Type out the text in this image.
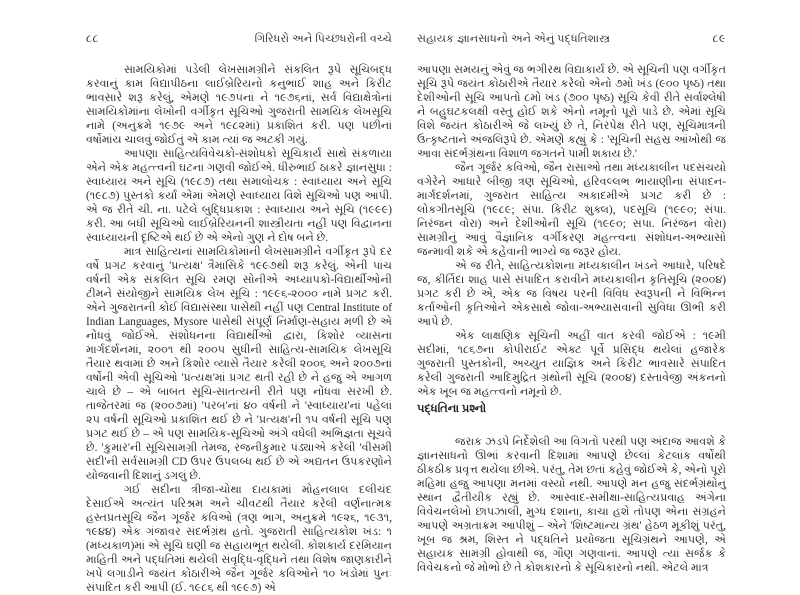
૮૮	ગિરિધરો અને પિચ્છધરોની વચ્ચે

સામયિકોમાં પડેલી લેખસામગ્રીને સંકલિત રૂપે સૂચિબદ્ધ કરવાનું કામ વિદ્યાપીઠના લાઈબ્રેરિયનો કનુભાઈ શાહ અને કિરીટ ભાવસારે શરૂ કરેલું, એમણે ૧૯૭૫નાં ને ૧૯૭૬નાં, સર્વ વિદ્યાક્ષેત્રોનાં સામયિકોમાંના લેખોની વર્ગીકૃત સૂચિઓ ગુજરાતી સામયિક લેખસૂચિ નામે (અનુક્રમે ૧૯૭૯ અને ૧૯૮૨માં) પ્રકાશિત કરી. પણ પછીનાં વર્ષોમાંય ચાલવું જોઈતું એ કામ ત્યાં જ અટકી ગયું.

આપણા સાહિત્યવિવેચકો-સંશોધકો સૂચિકાર્ય સાથે સંકળાયા એને એક મહત્ત્વની ઘટના ગણવી જોઈએ. ધીરુભાઈ ઠાકરે જ્ઞાનસુધા : સ્વાધ્યાય અને સૂચિ (૧૯૮૭) તથા સમાલોચક : સ્વાધ્યાય અને સૂચિ (૧૯૮૭) પુસ્તકો કર્યાં એમાં એમણે સ્વાધ્યાય વિશે સૂચિઓ પણ આપી. એ જ રીતે ચી. ના. પટેલે બુદ્ધિપ્રકાશ : સ્વાધ્યાય અને સૂચિ (૧૯૯૯) કરી. આ બધી સૂચિઓ લાઈબ્રેરિયનની શાસ્ત્રીયતા નહીં પણ વિદ્વાનના સ્વાધ્યાયની દૃષ્ટિએ થઈ છે એ એનો ગુણ ને દોષ બને છે.

માત્ર સાહિત્યનાં સામયિકોમાંની લેખસામગ્રીને વર્ગીકૃત રૂપે દર વર્ષે પ્રગટ કરવાનું 'પ્રત્યક્ષ' ત્રૈમાસિકે ૧૯૯૭થી શરૂ કરેલું. એની પાંચ વર્ષની એક સંકલિત સૂચિ રમણ સોનીએ અધ્યાપકો-વિદ્યાર્થીઓની ટીમને સંયોજીને સામયિક લેખ સૂચિ : ૧૯૯૬-૨૦૦૦ નામે પ્રગટ કરી. એને ગુજરાતની કોઈ વિદ્યાસંસ્થા પાસેથી નહીં પણ Central Institute of Indian Languages, Mysore પાસેથી સંપૂર્ણ નિર્માણ-સહાય મળી છે એ નોંધવું જોઈએ. સંશોધનના વિદ્યાર્થીઓ દ્વારા, કિશોર વ્યાસના માર્ગદર્શનમાં, ૨૦૦૧ થી ૨૦૦૫ સુધીની સાહિત્ય-સામયિક લેખસૂચિ તૈયાર થવામાં છે અને કિશોર વ્યાસે તૈયાર કરેલી ૨૦૦૬ અને ૨૦૦૭નાં વર્ષોની એવી સૂચિઓ 'પ્રત્યક્ષ'માં પ્રગટ થતી રહી છે ને હજુ એ આગળ ચાલે છે – એ બાબત સૂચિ-સાતત્યની રીતે પણ નોંધવા સરખી છે. તાજેતરમાં જ (૨૦૦૭માં) 'પરબ'નાં ૪૦ વર્ષની ને 'સ્વાધ્યાય'નાં પહેલાં ૨૫ વર્ષની સૂચિઓ પ્રકાશિત થઈ છે ને 'પ્રત્યક્ષ'ની ૧૫ વર્ષની સૂચિ પણ પ્રગટ થઈ છે – એ પણ સામયિક-સૂચિઓ અંગે વધેલી અભિજ્ઞતા સૂચવે છે. 'કુમાર'ની સૂચિસામગ્રી તેમજ, રજનીકુમાર પંડ્યાએ કરેલી 'વીસમી સદી'ની સર્વસામગ્રી CD ઉપર ઉપલબ્ધ થઈ છે એ અદ્યતન ઉપકરણોને યોજવાની દિશાનું ડગલું છે.

ગઈ સદીના ત્રીજા-ચોથા દાયકામાં મોહનલાલ દલીચંદ દેસાઈએ અત્યંત પરિશ્રમ અને ચીવટથી તૈયાર કરેલી વર્ણનાત્મક હસ્તપ્રતસૂચિ જૈન ગૂર્જર કવિઓ (ત્રણ ભાગ, અનુક્રમે ૧૯૨૬, ૧૯૩૧, ૧૯૪૪) એક ગંજાવર સંદર્ભગ્રંથ હતો. ગુજરાતી સાહિત્યકોશ ખંડ: ૧ (મધ્યકાળ)માં એ સૂચિ ઘણી જ સહાયભૂત થયેલી. કોશકાર્ય દરમિયાન માહિતી અને પદ્ધતિમાં થયેલી સંવૃદ્ધિ-વૃદ્ધિને તથા વિશેષ જાણકારીને ખપે લગાડીને જયંત કોઠારીએ જૈન ગૂર્જર કવિઓને ૧૦ ખંડોમાં પુનઃ સંપાદિત કરી આપી (ઈ. ૧૯૮૬ થી ૧૯૯૭) એ

સહાયક જ્ઞાનસાધનો અને એનું પદ્ધતિશાસ્ત્ર	૮૯

આપણા સમયનું એવું જ ભગીરથ વિદ્યાકાર્ય છે. એ સૂચિની પણ વર્ગીકૃત સૂચિ રૂપે જયંત કોઠારીએ તૈયાર કરેલો એનો ૭મો ખંડ (૯૦૦ પૃષ્ઠ) તથા દેશીઓની સૂચિ આપતો ૮મો ખંડ (૭૦૦ પૃષ્ઠ) સૂચિ કેવી રીતે સર્વાશ્લેષી ને બહુઘટકલક્ષી વસ્તુ હોઈ શકે એનો નમૂનો પૂરો પાડે છે. એમાં સૂચિ વિશે જયંત કોઠારીએ જે લખ્યું છે તે, નિરપેક્ષ રીતે પણ, સૂચિમાત્રની ઉત્કૃષ્ટતાને અંજલિરૂપે છે. એમણે કહ્યું કે : 'સૂચિની સહસ્ર આંખોથી જ આવા સંદર્ભગ્રંથના વિશાળ જગતને પામી શકાય છે.'

જૈન ગૂર્જર કવિઓ, જૈન રાસાઓ તથા મધ્યકાલીન પદસંચયો વગેરેને આધારે બીજી ત્રણ સૂચિઓ, હરિવલ્લભ ભાયાણીના સંપાદન-માર્ગદર્શનમાં, ગુજરાત સાહિત્ય અકાદમીએ પ્રગટ કરી છે : લોકગીતસૂચિ (૧૯૮૯; સંપા. કિરીટ શુક્લ), પદસૂચિ (૧૯૯૦; સંપા. નિરંજન વોરા) અને દેશીઓની સૂચિ (૧૯૯૦; સંપા. નિરંજન વોરા) સામગ્રીનું આવું વૈજ્ઞાનિક વર્ગીકરણ મહત્ત્વના સંશોધન-અભ્યાસો જન્માવી શકે એ કહેવાની ભાગ્યે જ જરૂર હોય.

એ જ રીતે, સાહિત્યકોશના મધ્યકાલીન ખંડને આધારે, પરિષદે જ, કીર્તિદા શાહ પાસે સંપાદિત કરાવીને મધ્યકાલીન કૃતિસૂચિ (૨૦૦૪) પ્રગટ કરી છે એ, એક જ વિષય પરની વિવિધ સ્વરૂપની ને વિભિન્ન કર્તાઓની કૃતિઓને એકસાથે જોવા-અભ્યાસવાની સુવિધા ઊભી કરી આપે છે.

એક લાક્ષણિક સૂચિની અહીં વાત કરવી જોઈએ : ૧૯મી સદીમાં, ૧૮૬૭ના કોપીરાઈટ એક્ટ પૂર્વે પ્રસિદ્ધ થયેલાં હજારેક ગુજરાતી પુસ્તકોની, અચ્યુત યાજ્ઞિક અને કિરીટ ભાવસારે સંપાદિત કરેલી ગુજરાતી આદિમુદ્રિત ગ્રંથોની સૂચિ (૨૦૦૪) દસ્તાવેજી અંકનનો એક ખૂબ જ મહત્ત્વનો નમૂનો છે.

પદ્ધતિના પ્રશ્નો

જરાક ઝડપે નિર્દેશેલી આ વિગતો પરથી પણ અંદાજ આવશે કે જ્ઞાનસાધનો ઊભાં કરવાની દિશામાં આપણે છેલ્લાં કેટલાંક વર્ષોથી ઠીકઠીક પ્રવૃત્ત થયેલા છીએ. પરંતુ, તેમ છતાં કહેવું જોઈએ કે, એનો પૂરો મહિમા હજુ આપણા મનમાં વસ્યો નથી. આપણે મન હજુ સંદર્ભગ્રંથોનું સ્થાન દ્વૈતીયીક રહ્યું છે. આસ્વાદ-સમીક્ષા-સાહિત્યપ્રવાહ અંગેના વિવેચનલેખો છાપઝાલી, મુગ્ધ દશાના, કાચા હશે તોપણ એના સંગ્રહને આપણે અગ્રતાક્રમ આપીશું – એને 'શિષ્ટમાન્ય ગ્રંથ' હેઠળ મૂકીશું પરંતુ, ખૂબ જ શ્રમ, શિસ્ત ને પદ્ધતિને પ્રયોજતા સૂચિગ્રંથને આપણે, એ સહાયક સામગ્રી હોવાથી જ, ગૌણ ગણવાનાં. આપણે ત્યાં સર્જક કે વિવેચકનો જે મોભો છે તે કોશકારનો કે સૂચિકારનો નથી. એટલે માત્ર
